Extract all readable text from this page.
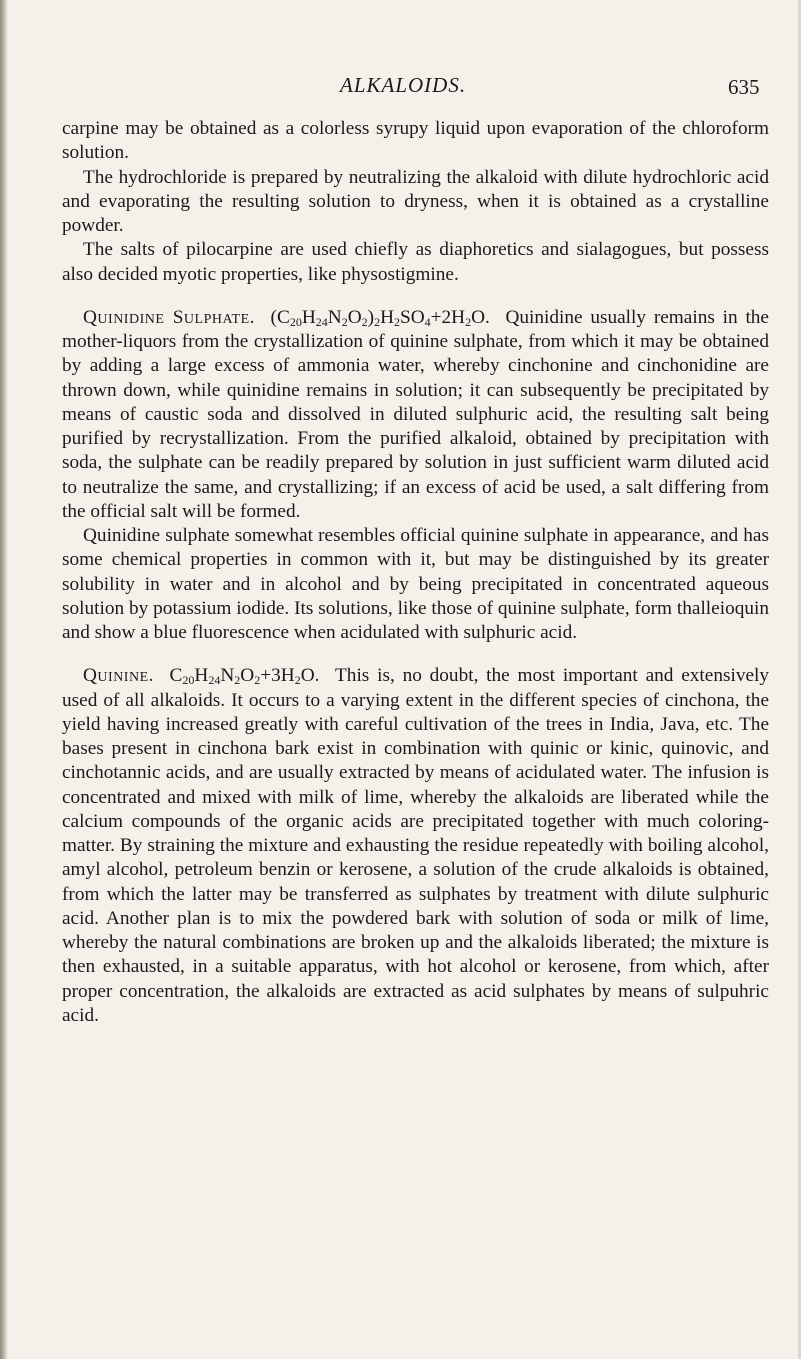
ALKALOIDS.	635

carpine may be obtained as a colorless syrupy liquid upon evaporation of the chloroform solution.

The hydrochloride is prepared by neutralizing the alkaloid with dilute hydrochloric acid and evaporating the resulting solution to dryness, when it is obtained as a crystalline powder.

The salts of pilocarpine are used chiefly as diaphoretics and sialagogues, but possess also decided myotic properties, like physostigmine.

Quinidine Sulphate. $(C_{20}H_{24}N_2O_2)_2H_2SO_4+2H_2O$. Quinidine usually remains in the mother-liquors from the crystallization of quinine sulphate, from which it may be obtained by adding a large excess of ammonia water, whereby cinchonine and cinchonidine are thrown down, while quinidine remains in solution; it can subsequently be precipitated by means of caustic soda and dissolved in diluted sulphuric acid, the resulting salt being purified by recrystallization. From the purified alkaloid, obtained by precipitation with soda, the sulphate can be readily prepared by solution in just sufficient warm diluted acid to neutralize the same, and crystallizing; if an excess of acid be used, a salt differing from the official salt will be formed.

Quinidine sulphate somewhat resembles official quinine sulphate in appearance, and has some chemical properties in common with it, but may be distinguished by its greater solubility in water and in alcohol and by being precipitated in concentrated aqueous solution by potassium iodide. Its solutions, like those of quinine sulphate, form thalleioquin and show a blue fluorescence when acidulated with sulphuric acid.

Quinine. $C_{20}H_{24}N_2O_2+3H_2O$. This is, no doubt, the most important and extensively used of all alkaloids. It occurs to a varying extent in the different species of cinchona, the yield having increased greatly with careful cultivation of the trees in India, Java, etc. The bases present in cinchona bark exist in combination with quinic or kinic, quinovic, and cinchotannic acids, and are usually extracted by means of acidulated water. The infusion is concentrated and mixed with milk of lime, whereby the alkaloids are liberated while the calcium compounds of the organic acids are precipitated together with much coloring-matter. By straining the mixture and exhausting the residue repeatedly with boiling alcohol, amyl alcohol, petroleum benzin or kerosene, a solution of the crude alkaloids is obtained, from which the latter may be transferred as sulphates by treatment with dilute sulphuric acid. Another plan is to mix the powdered bark with solution of soda or milk of lime, whereby the natural combinations are broken up and the alkaloids liberated; the mixture is then exhausted, in a suitable apparatus, with hot alcohol or kerosene, from which, after proper concentration, the alkaloids are extracted as acid sulphates by means of sulpuhric acid.
